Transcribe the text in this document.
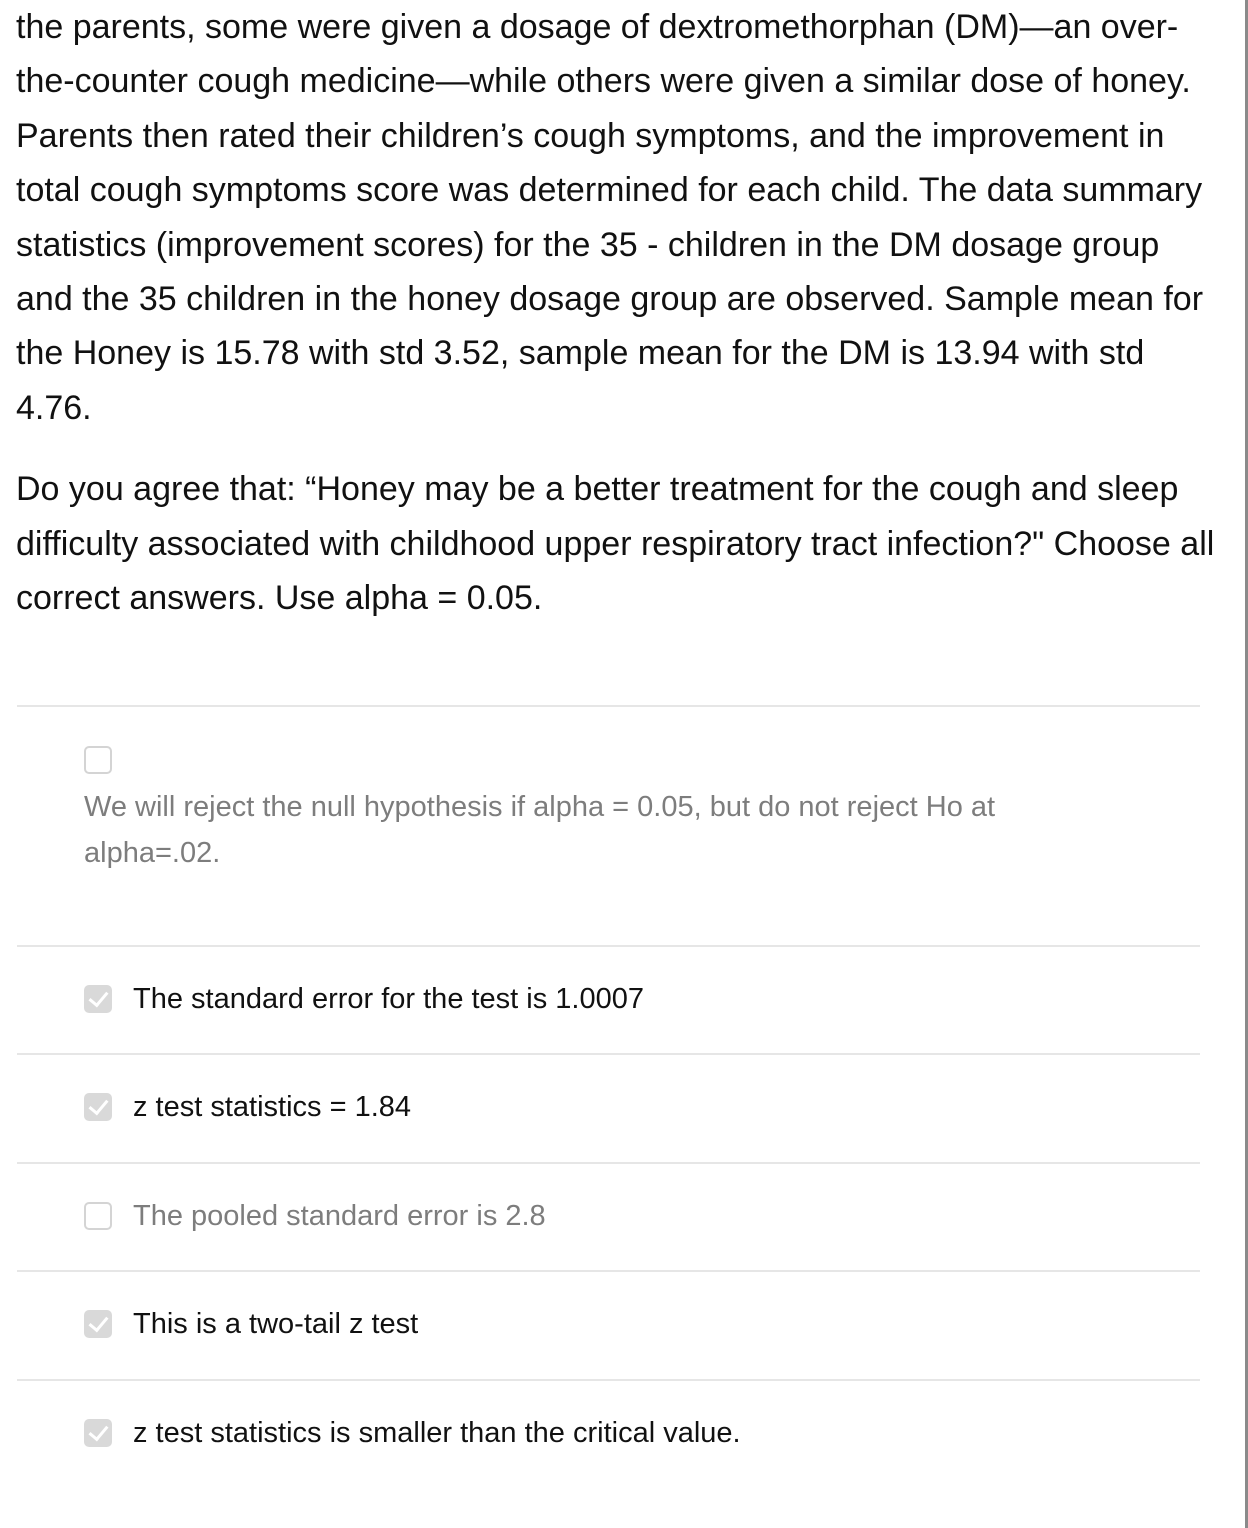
the parents, some were given a dosage of dextromethorphan (DM)—an over-the-counter cough medicine—while others were given a similar dose of honey. Parents then rated their children’s cough symptoms, and the improvement in total cough symptoms score was determined for each child. The data summary statistics (improvement scores) for the 35 - children in the DM dosage group and the 35 children in the honey dosage group are observed. Sample mean for the Honey is 15.78 with std 3.52, sample mean for the DM is 13.94 with std 4.76.

Do you agree that: “Honey may be a better treatment for the cough and sleep difficulty associated with childhood upper respiratory tract infection?" Choose all correct answers. Use alpha = 0.05.

We will reject the null hypothesis if alpha = 0.05, but do not reject Ho at alpha=.02.
The standard error for the test is 1.0007
z test statistics = 1.84
The pooled standard error is 2.8
This is a two-tail z test
z test statistics is smaller than the critical value.
